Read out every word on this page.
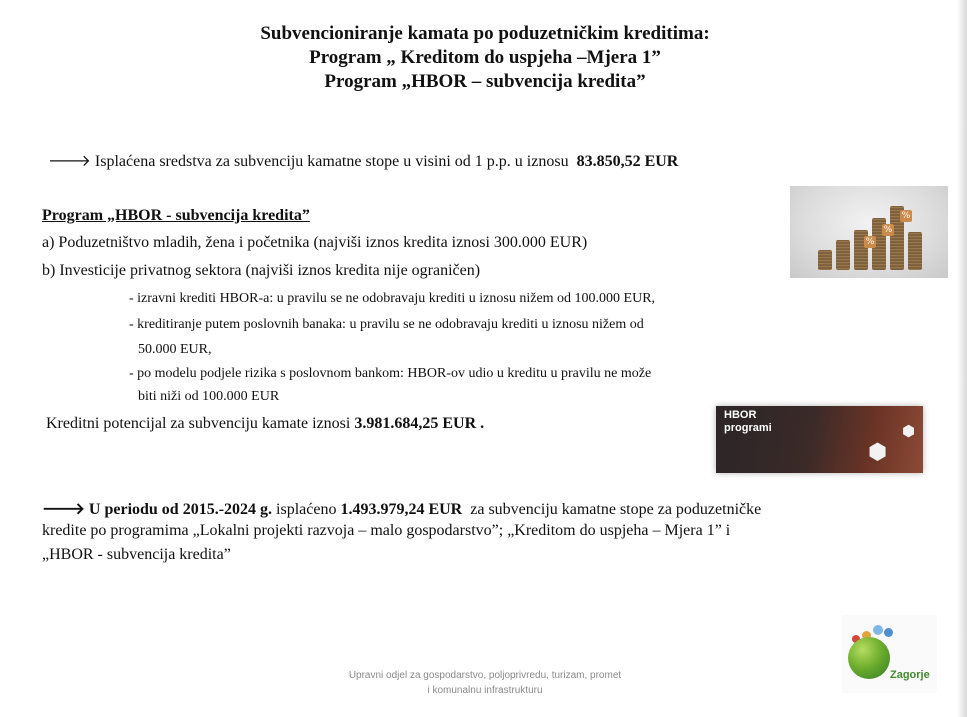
Subvencioniranje kamata po poduzetničkim kreditima:
Program „ Kreditom do uspjeha –Mjera 1”
Program „HBOR – subvencija kredita”
🡒 Isplaćena sredstva za subvenciju kamatne stope u visini od 1 p.p. u iznosu 83.850,52 EUR
Program „HBOR - subvencija kredita”
a) Poduzetništvo mladih, žena i početnika (najviši iznos kredita iznosi 300.000 EUR)
b) Investicije privatnog sektora (najviši iznos kredita nije ograničen)
- izravni krediti HBOR-a: u pravilu se ne odobravaju krediti u iznosu nižem od 100.000 EUR,
- kreditiranje putem poslovnih banaka: u pravilu se ne odobravaju krediti u iznosu nižem od
50.000 EUR,
- po modelu podjele rizika s poslovnom bankom: HBOR-ov udio u kreditu u pravilu ne može
biti niži od 100.000 EUR
Kreditni potencijal za subvenciju kamate iznosi 3.981.684,25 EUR .
🡒 U periodu od 2015.-2024 g. isplaćeno 1.493.979,24 EUR za subvenciju kamatne stope za poduzetničke
kredite po programima „Lokalni projekti razvoja – malo gospodarstvo”; „Kreditom do uspjeha – Mjera 1” i
„HBOR - subvencija kredita”
%
%
%
HBOR
programi	⬢
⬢
Zagorje
Upravni odjel za gospodarstvo, poljoprivredu, turizam, promet
i komunalnu infrastrukturu
